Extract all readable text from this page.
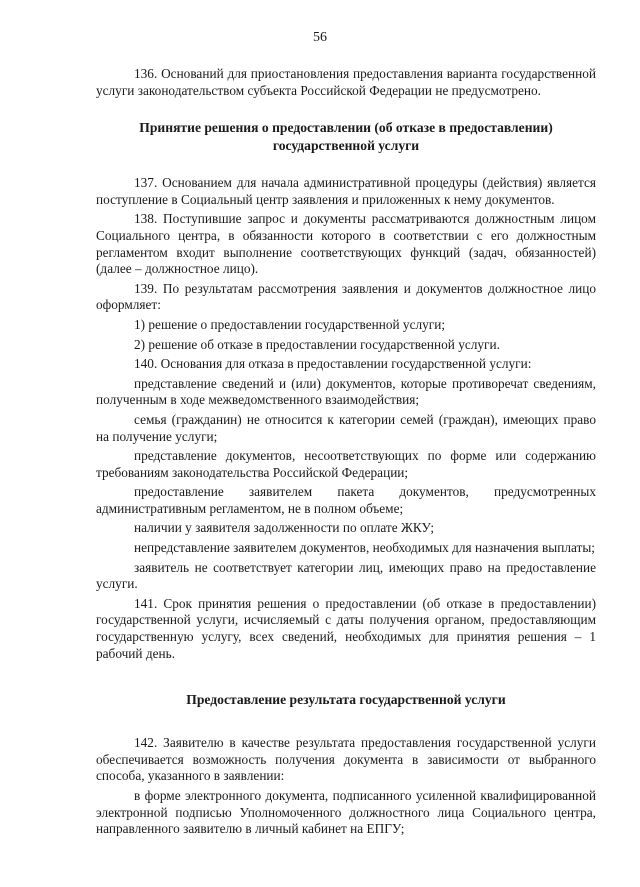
56

136. Оснований для приостановления предоставления варианта государственной услуги законодательством субъекта Российской Федерации не предусмотрено.

Принятие решения о предоставлении (об отказе в предоставлении) государственной услуги

137. Основанием для начала административной процедуры (действия) является поступление в Социальный центр заявления и приложенных к нему документов.

138. Поступившие запрос и документы рассматриваются должностным лицом Социального центра, в обязанности которого в соответствии с его должностным регламентом входит выполнение соответствующих функций (задач, обязанностей) (далее – должностное лицо).

139. По результатам рассмотрения заявления и документов должностное лицо оформляет:

1) решение о предоставлении государственной услуги;

2) решение об отказе в предоставлении государственной услуги.

140. Основания для отказа в предоставлении государственной услуги:

представление сведений и (или) документов, которые противоречат сведениям, полученным в ходе межведомственного взаимодействия;

семья (гражданин) не относится к категории семей (граждан), имеющих право на получение услуги;

представление документов, несоответствующих по форме или содержанию требованиям законодательства Российской Федерации;

предоставление заявителем пакета документов, предусмотренных административным регламентом, не в полном объеме;

наличии у заявителя задолженности по оплате ЖКУ;

непредставление заявителем документов, необходимых для назначения выплаты;

заявитель не соответствует категории лиц, имеющих право на предоставление услуги.

141. Срок принятия решения о предоставлении (об отказе в предоставлении) государственной услуги, исчисляемый с даты получения органом, предоставляющим государственную услугу, всех сведений, необходимых для принятия решения – 1 рабочий день.

Предоставление результата государственной услуги

142. Заявителю в качестве результата предоставления государственной услуги обеспечивается возможность получения документа в зависимости от выбранного способа, указанного в заявлении:

в форме электронного документа, подписанного усиленной квалифицированной электронной подписью Уполномоченного должностного лица Социального центра, направленного заявителю в личный кабинет на ЕПГУ;
